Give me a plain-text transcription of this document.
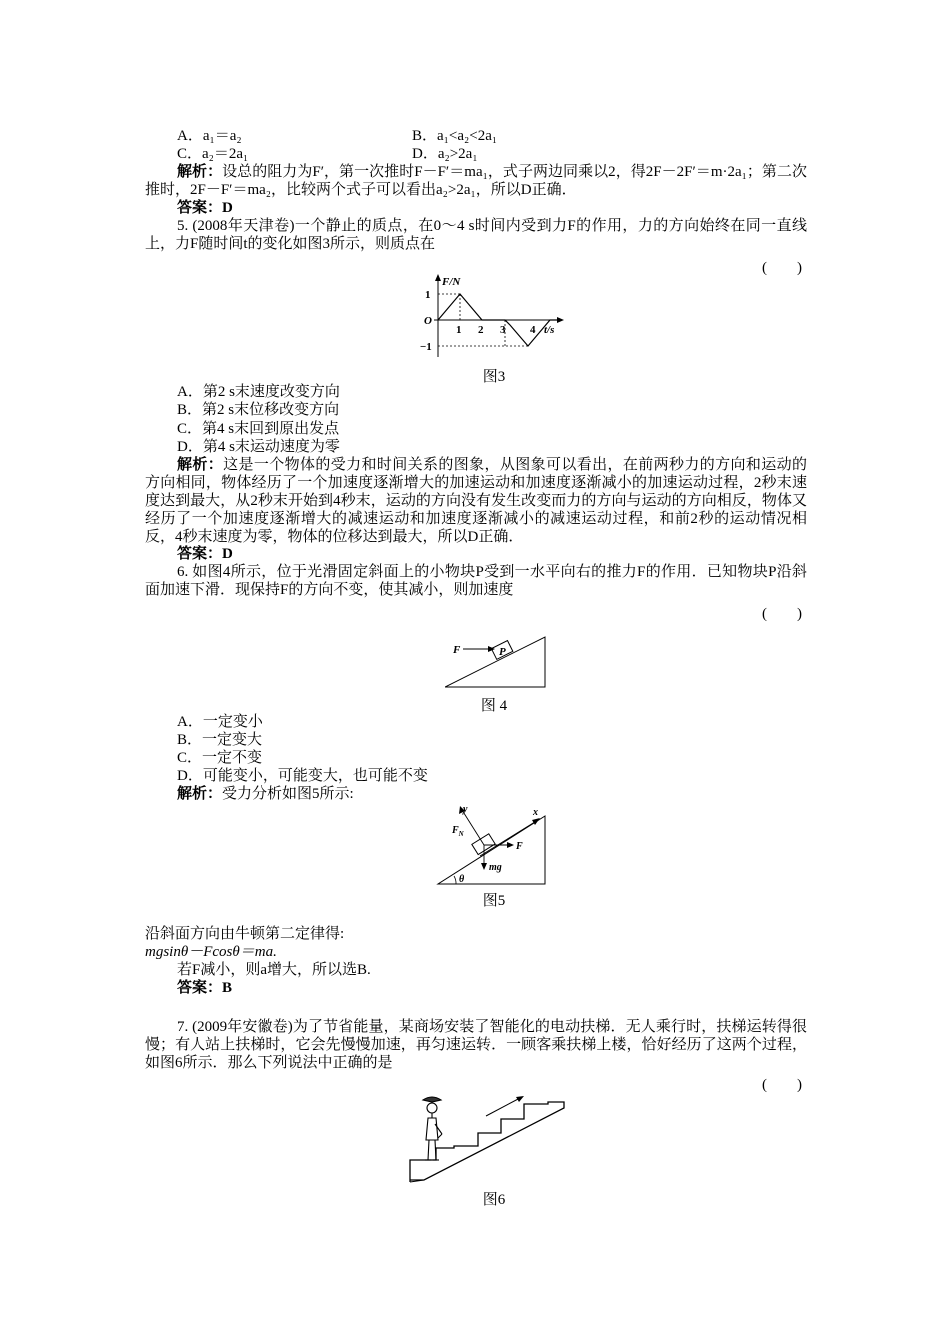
A．a₁＝a₂	B．a₁<a₂<2a₁
C．a₂＝2a₁	D．a₂>2a₁
解析：设总的阻力为F′，第一次推时F－F′＝ma₁，式子两边同乘以2，得2F－2F′＝m·2a₁；第二次推时，2F－F′＝ma₂，比较两个式子可以看出a₂>2a₁，所以D正确．
答案：D
5. (2008年天津卷)一个静止的质点，在0～4 s时间内受到力F的作用，力的方向始终在同一直线上，力F随时间t的变化如图3所示，则质点在
(　　)
F/N
1
O
−1
1 2 3 4 t/s
图3
A．第2 s末速度改变方向
B．第2 s末位移改变方向
C．第4 s末回到原出发点
D．第4 s末运动速度为零
解析：这是一个物体的受力和时间关系的图象，从图象可以看出，在前两秒力的方向和运动的方向相同，物体经历了一个加速度逐渐增大的加速运动和加速度逐渐减小的加速运动过程，2秒末速度达到最大，从2秒末开始到4秒末，运动的方向没有发生改变而力的方向与运动的方向相反，物体又经历了一个加速度逐渐增大的减速运动和加速度逐渐减小的减速运动过程，和前2秒的运动情况相反，4秒末速度为零，物体的位移达到最大，所以D正确．
答案：D
6. 如图4所示，位于光滑固定斜面上的小物块P受到一水平向右的推力F的作用．已知物块P沿斜面加速下滑．现保持F的方向不变，使其减小，则加速度
(　　)
P
F
图 4
A．一定变小
B．一定变大
C．一定不变
D．可能变小，可能变大，也可能不变
解析：受力分析如图5所示:
x
y
$F_N$
F
mg
θ
图5
沿斜面方向由牛顿第二定律得:
mgsinθ－Fcosθ＝ma.
若F减小，则a增大，所以选B.
答案：B
7. (2009年安徽卷)为了节省能量，某商场安装了智能化的电动扶梯．无人乘行时，扶梯运转得很慢；有人站上扶梯时，它会先慢慢加速，再匀速运转．一顾客乘扶梯上楼，恰好经历了这两个过程，如图6所示．那么下列说法中正确的是
(　　)
图6
